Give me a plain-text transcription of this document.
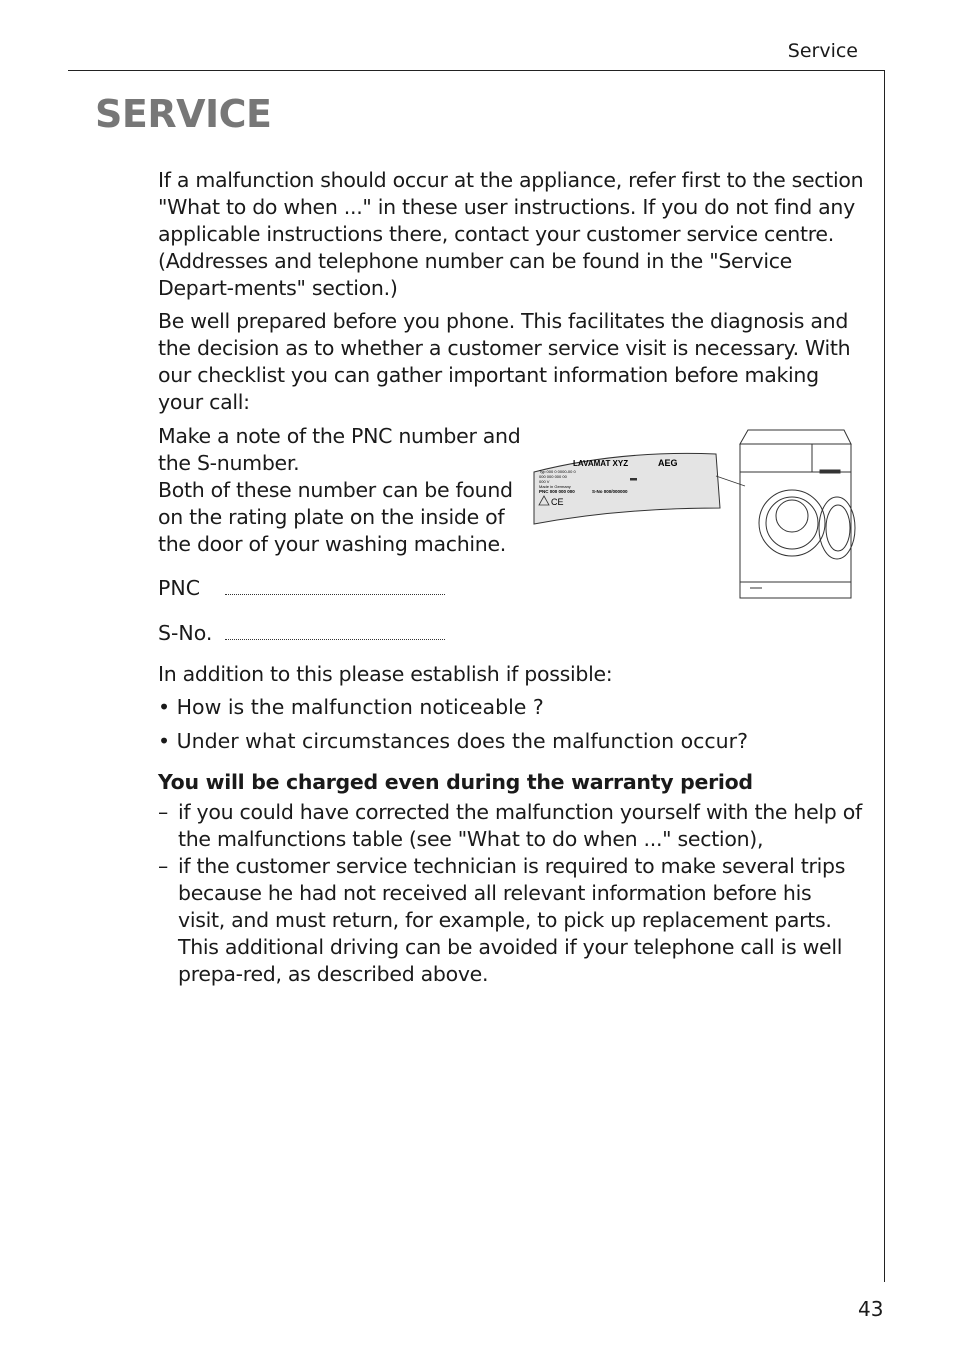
Service
SERVICE

If a malfunction should occur at the appliance, refer first to the section "What to do when ..." in these user instructions. If you do not find any applicable instructions there, contact your customer service centre. (Addresses and telephone number can be found in the "Service Depart-ments" section.)

Be well prepared before you phone. This facilitates the diagnosis and the decision as to whether a customer service visit is necessary. With our checklist you can gather important information before making your call:

Make a note of the PNC number and the S-number.

Both of these number can be found on the rating plate on the inside of the door of your washing machine.

PNC
S-No.

In addition to this please establish if possible:

• How is the malfunction noticeable ?
• Under what circumstances does the malfunction occur?

You will be charged even during the warranty period

– if you could have corrected the malfunction yourself with the help of the malfunctions table (see "What to do when ..." section),
– if the customer service technician is required to make several trips because he had not received all relevant information before his visit, and must return, for example, to pick up replacement parts. This additional driving can be avoided if your telephone call is well prepa-red, as described above.
LAVAMAT XYZ	AEG
Typ 000 0 0000-00 0
000 000 000 00
000 V
Made in Germany
PNC 000 000 000	S-No 000/000000
CE
43
